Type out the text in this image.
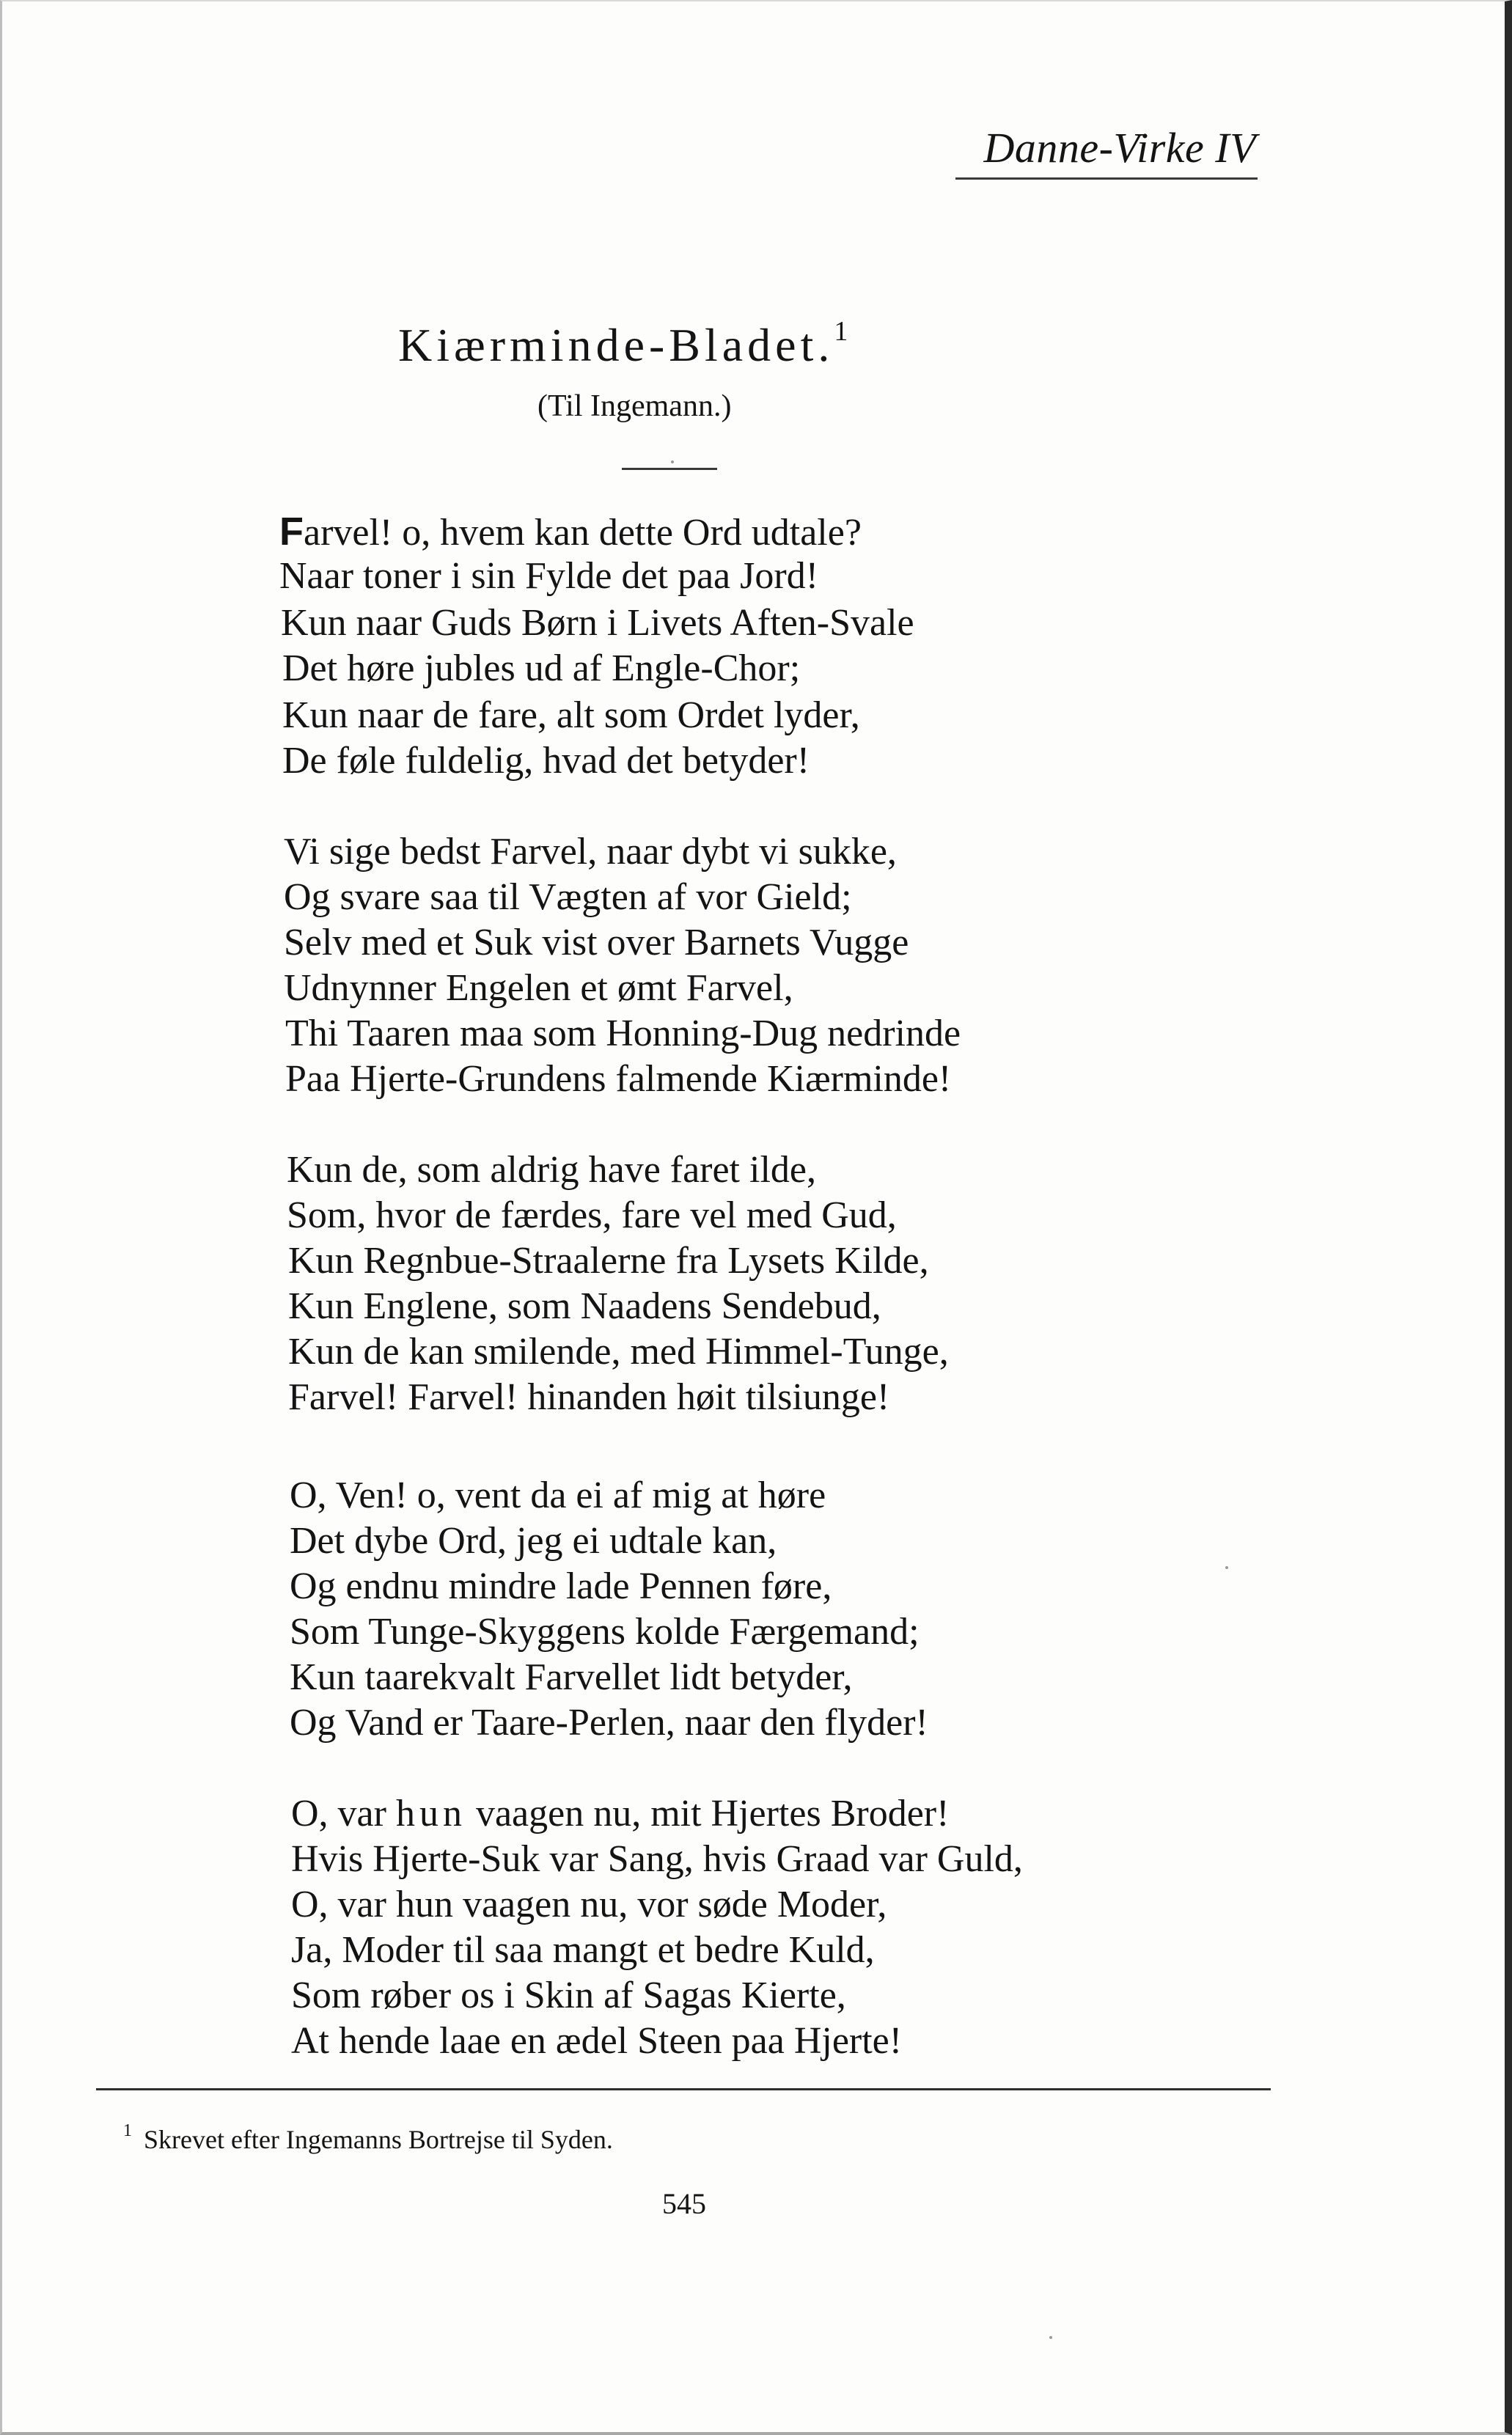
Danne-Virke IV
Kiærminde-Bladet.$^1$
(Til Ingemann.)
Farvel! o, hvem kan dette Ord udtale?
Naar toner i sin Fylde det paa Jord!
Kun naar Guds Børn i Livets Aften-Svale
Det høre jubles ud af Engle-Chor;
Kun naar de fare, alt som Ordet lyder,
De føle fuldelig, hvad det betyder!
Vi sige bedst Farvel, naar dybt vi sukke,
Og svare saa til Vægten af vor Gield;
Selv med et Suk vist over Barnets Vugge
Udnynner Engelen et ømt Farvel,
Thi Taaren maa som Honning-Dug nedrinde
Paa Hjerte-Grundens falmende Kiærminde!
Kun de, som aldrig have faret ilde,
Som, hvor de færdes, fare vel med Gud,
Kun Regnbue-Straalerne fra Lysets Kilde,
Kun Englene, som Naadens Sendebud,
Kun de kan smilende, med Himmel-Tunge,
Farvel! Farvel! hinanden høit tilsiunge!
O, Ven! o, vent da ei af mig at høre
Det dybe Ord, jeg ei udtale kan,
Og endnu mindre lade Pennen føre,
Som Tunge-Skyggens kolde Færgemand;
Kun taarekvalt Farvellet lidt betyder,
Og Vand er Taare-Perlen, naar den flyder!
O, var hun vaagen nu, mit Hjertes Broder!
Hvis Hjerte-Suk var Sang, hvis Graad var Guld,
O, var hun vaagen nu, vor søde Moder,
Ja, Moder til saa mangt et bedre Kuld,
Som røber os i Skin af Sagas Kierte,
At hende laae en ædel Steen paa Hjerte!
$^1$ Skrevet efter Ingemanns Bortrejse til Syden.
545
